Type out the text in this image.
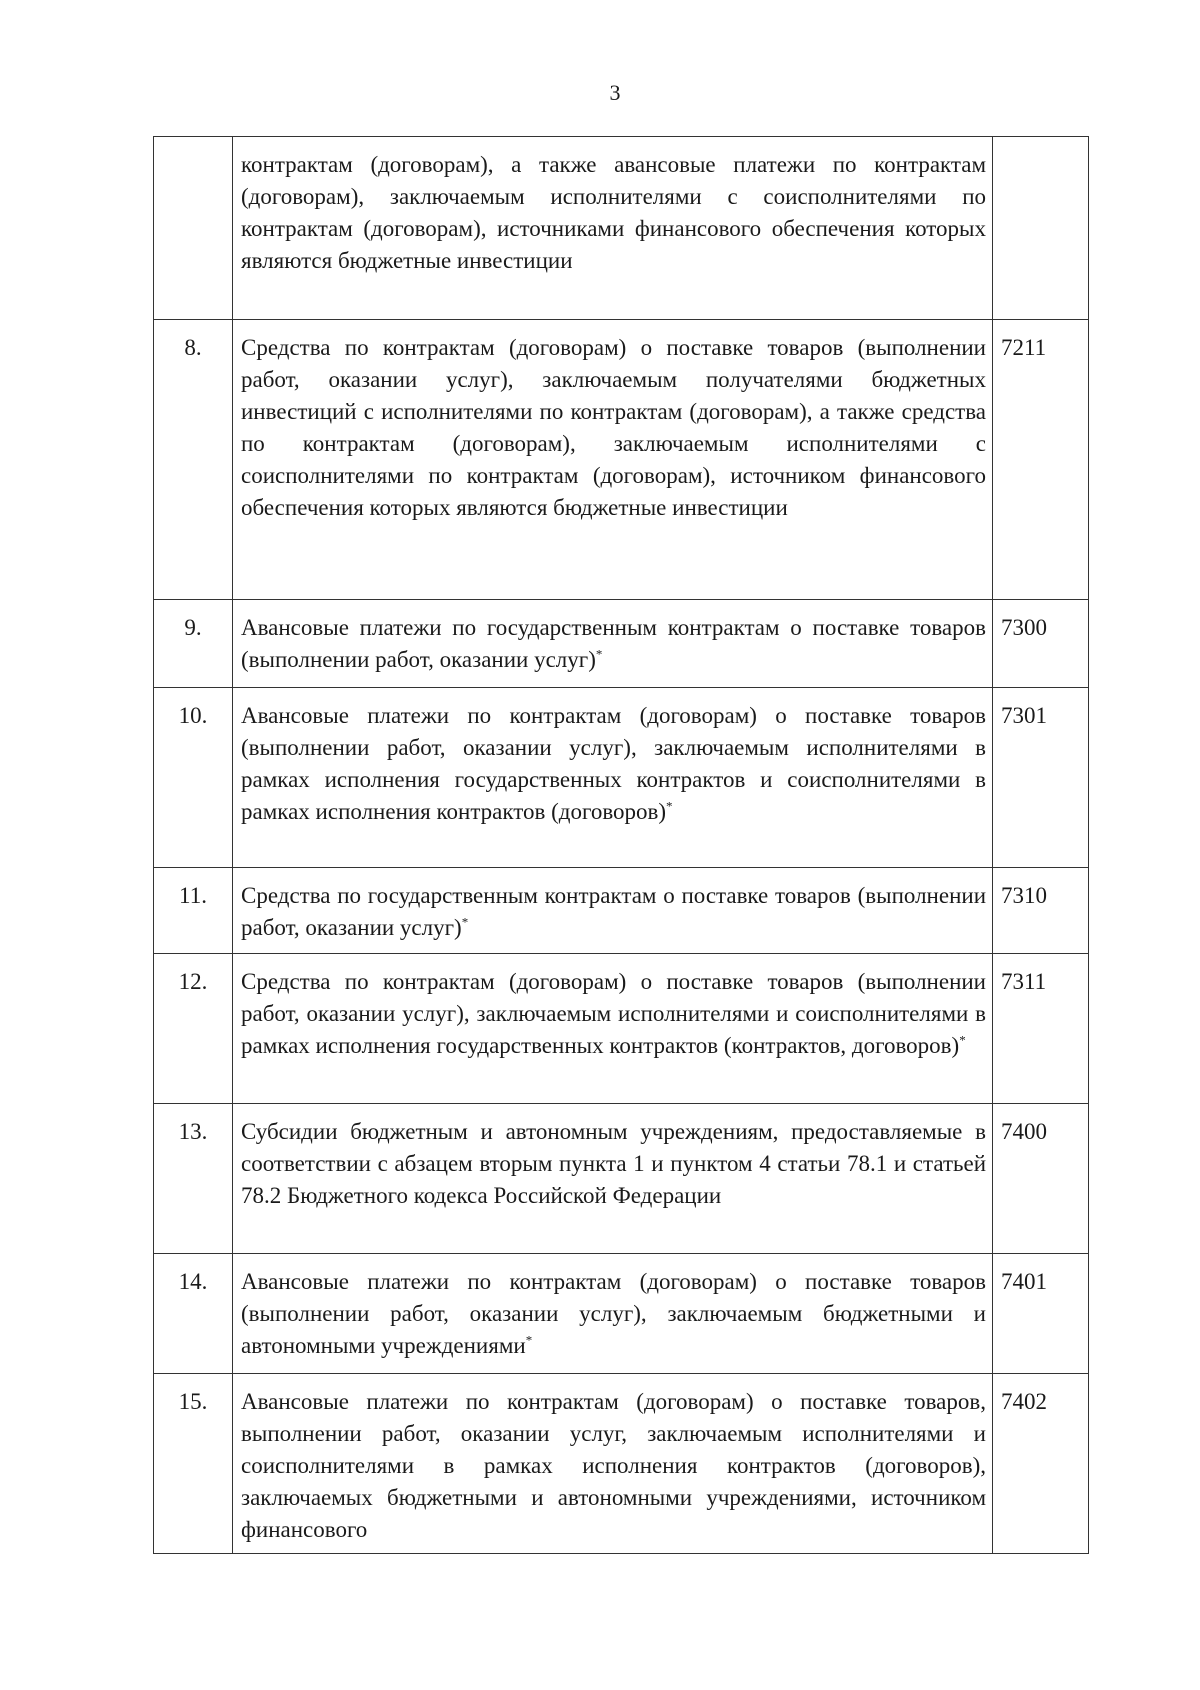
3
	контрактам (договорам), а также авансовые платежи по контрактам (договорам), заключаемым исполнителями с соисполнителями по контрактам (договорам), источниками финансового обеспечения которых являются бюджетные инвестиции	
8.	Средства по контрактам (договорам) о поставке товаров (выполнении работ, оказании услуг), заключаемым получателями бюджетных инвестиций с исполнителями по контрактам (договорам), а также средства по контрактам (договорам), заключаемым исполнителями с соисполнителями по контрактам (договорам), источником финансового обеспечения которых являются бюджетные инвестиции	7211
9.	Авансовые платежи по государственным контрактам о поставке товаров (выполнении работ, оказании услуг)*	7300
10.	Авансовые платежи по контрактам (договорам) о поставке товаров (выполнении работ, оказании услуг), заключаемым исполнителями в рамках исполнения государственных контрактов и соисполнителями в рамках исполнения контрактов (договоров)*	7301
11.	Средства по государственным контрактам о поставке товаров (выполнении работ, оказании услуг)*	7310
12.	Средства по контрактам (договорам) о поставке товаров (выполнении работ, оказании услуг), заключаемым исполнителями и соисполнителями в рамках исполнения государственных контрактов (контрактов, договоров)*	7311
13.	Субсидии бюджетным и автономным учреждениям, предоставляемые в соответствии с абзацем вторым пункта 1 и пунктом 4 статьи 78.1 и статьей 78.2 Бюджетного кодекса Российской Федерации	7400
14.	Авансовые платежи по контрактам (договорам) о поставке товаров (выполнении работ, оказании услуг), заключаемым бюджетными и автономными учреждениями*	7401
15.	Авансовые платежи по контрактам (договорам) о поставке товаров, выполнении работ, оказании услуг, заключаемым исполнителями и соисполнителями в рамках исполнения контрактов (договоров), заключаемых бюджетными и автономными учреждениями, источником финансового	7402
